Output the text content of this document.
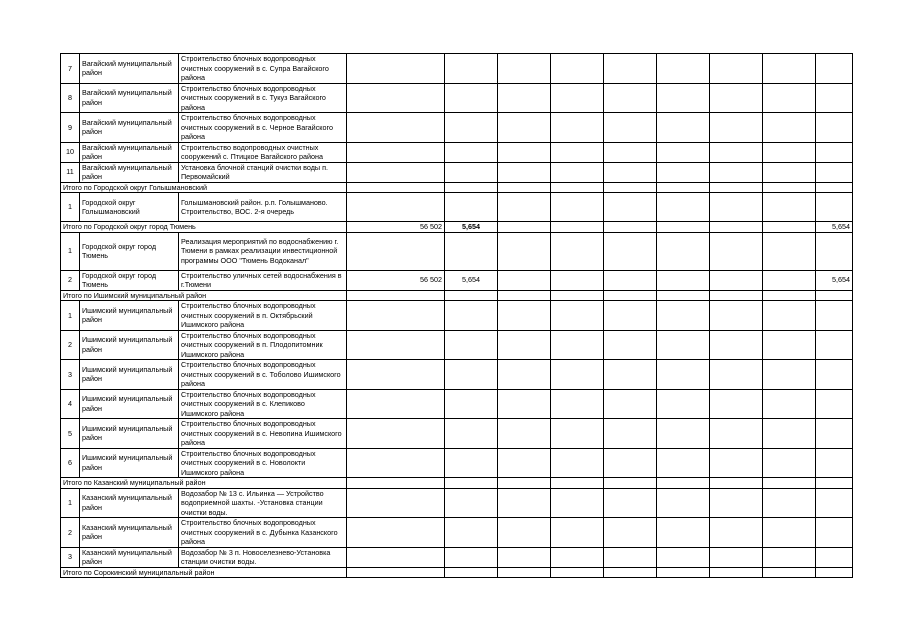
7	Вагайский муниципальный район	Строительство блочных водопроводных очистных сооружений в с. Супра Вагайского района									
8	Вагайский муниципальный район	Строительство блочных водопроводных очистных сооружений в с. Тукуз Вагайского района									
9	Вагайский муниципальный район	Строительство блочных водопроводных очистных сооружений в с. Черное Вагайского района									
10	Вагайский муниципальный район	Строительство водопроводных очистных сооружений с. Птицкое Вагайского района									
11	Вагайский муниципальный район	Установка блочной станций очистки воды п. Первомайский									
Итого по Городской округ Голышмановский											
1	Городской округ Голышмановский	Голышмановский район. р.п. Голышманово. Строительство, ВОС. 2-я очередь									
Итого по Городской округ город Тюмень			56 502	5,654							5,654
1	Городской округ город Тюмень	Реализация мероприятий по водоснабжению г. Тюмени в рамках реализации инвестиционной программы ООО "Тюмень Водоканал"									
2	Городской округ город Тюмень	Строительство уличных сетей водоснабжения в г.Тюмени	56 502	5,654							5,654
Итого по Ишимский муниципальный район											
1	Ишимский муниципальный район	Строительство блочных водопроводных очистных сооружений в п. Октябрьский Ишимского района									
2	Ишимский муниципальный район	Строительство блочных водопроводных очистных сооружений в п. Плодопитомник Ишимского района									
3	Ишимский муниципальный район	Строительство блочных водопроводных очистных сооружений в с. Тоболово Ишимского района									
4	Ишимский муниципальный район	Строительство блочных водопроводных очистных сооружений в с. Клепиково Ишимского района									
5	Ишимский муниципальный район	Строительство блочных водопроводных очистных сооружений в с. Невопина Ишимского района									
6	Ишимский муниципальный район	Строительство блочных водопроводных очистных сооружений в с. Новолокти Ишимского района									
Итого по Казанский муниципальный район											
1	Казанский муниципальный район	Водозабор № 13 с. Ильинка — Устройство водоприемной шахты. -Установка станции очистки воды.									
2	Казанский муниципальный район	Строительство блочных водопроводных очистных сооружений в с. Дубынка Казанского района									
3	Казанский муниципальный район	Водозабор № 3 п. Новоселезнево-Установка станции очистки воды.									
Итого по Сорокинский муниципальный район											
